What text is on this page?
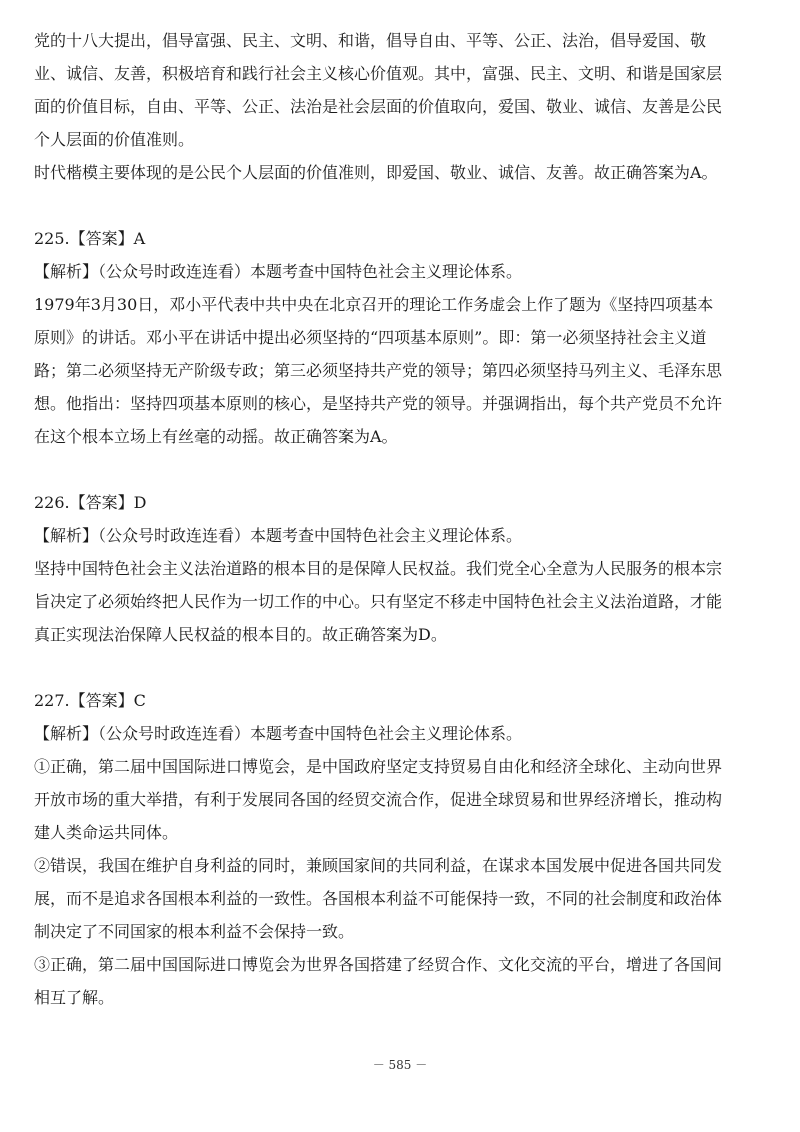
党的十八大提出，倡导富强、民主、文明、和谐，倡导自由、平等、公正、法治，倡导爱国、敬
业、诚信、友善，积极培育和践行社会主义核心价值观。其中，富强、民主、文明、和谐是国家层
面的价值目标，自由、平等、公正、法治是社会层面的价值取向，爱国、敬业、诚信、友善是公民
个人层面的价值准则。
时代楷模主要体现的是公民个人层面的价值准则，即爱国、敬业、诚信、友善。故正确答案为A。
225.【答案】A
【解析】（公众号时政连连看）本题考查中国特色社会主义理论体系。
1979年3月30日，邓小平代表中共中央在北京召开的理论工作务虚会上作了题为《坚持四项基本
原则》的讲话。邓小平在讲话中提出必须坚持的“四项基本原则”。即：第一必须坚持社会主义道
路；第二必须坚持无产阶级专政；第三必须坚持共产党的领导；第四必须坚持马列主义、毛泽东思
想。他指出：坚持四项基本原则的核心，是坚持共产党的领导。并强调指出，每个共产党员不允许
在这个根本立场上有丝毫的动摇。故正确答案为A。
226.【答案】D
【解析】（公众号时政连连看）本题考查中国特色社会主义理论体系。
坚持中国特色社会主义法治道路的根本目的是保障人民权益。我们党全心全意为人民服务的根本宗
旨决定了必须始终把人民作为一切工作的中心。只有坚定不移走中国特色社会主义法治道路，才能
真正实现法治保障人民权益的根本目的。故正确答案为D。
227.【答案】C
【解析】（公众号时政连连看）本题考查中国特色社会主义理论体系。
①正确，第二届中国国际进口博览会，是中国政府坚定支持贸易自由化和经济全球化、主动向世界
开放市场的重大举措，有利于发展同各国的经贸交流合作，促进全球贸易和世界经济增长，推动构
建人类命运共同体。
②错误，我国在维护自身利益的同时，兼顾国家间的共同利益，在谋求本国发展中促进各国共同发
展，而不是追求各国根本利益的一致性。各国根本利益不可能保持一致，不同的社会制度和政治体
制决定了不同国家的根本利益不会保持一致。
③正确，第二届中国国际进口博览会为世界各国搭建了经贸合作、文化交流的平台，增进了各国间
相互了解。
－ 585 －
